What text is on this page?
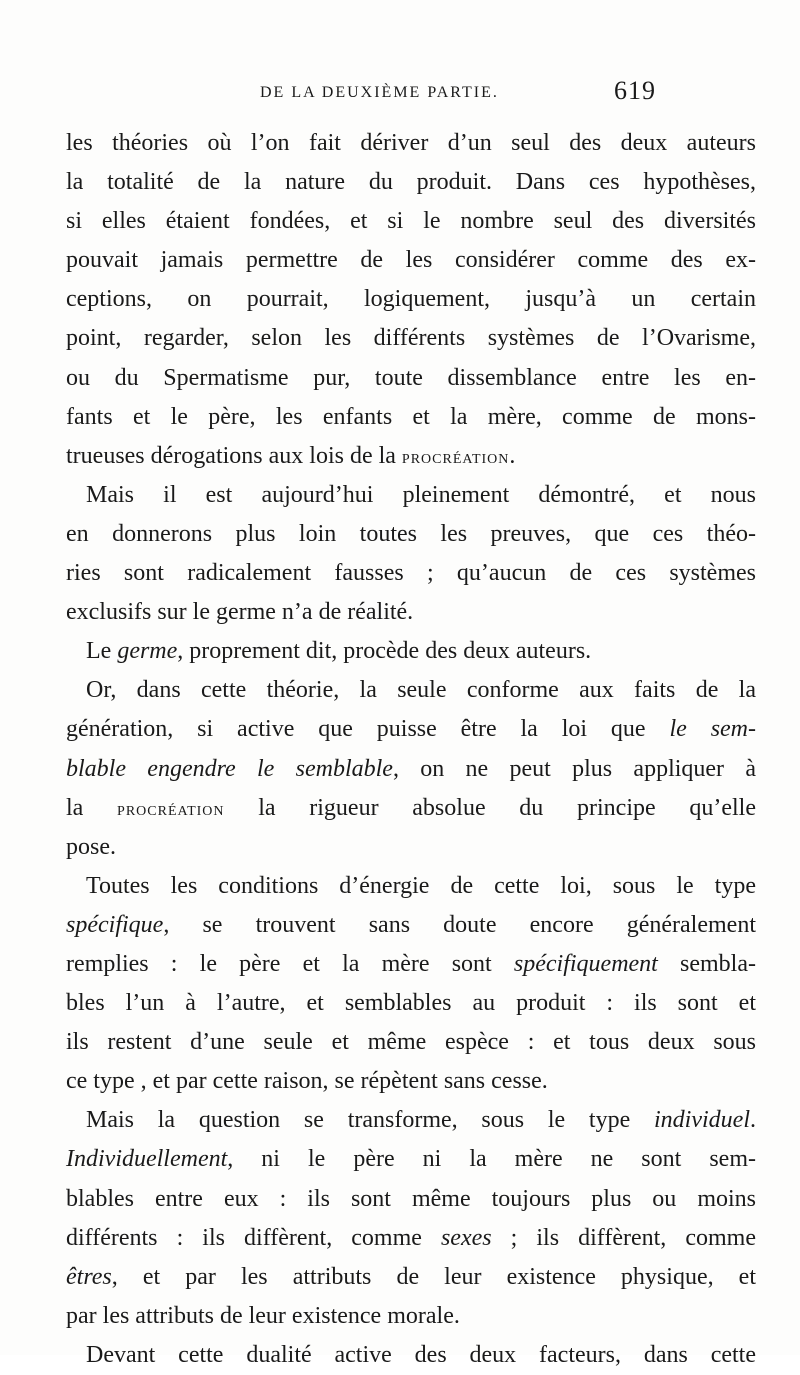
DE LA DEUXIÈME PARTIE.	619
les théories où l’on fait dériver d’un seul des deux auteurs
la totalité de la nature du produit. Dans ces hypothèses,
si elles étaient fondées, et si le nombre seul des diversités
pouvait jamais permettre de les considérer comme des ex-
ceptions, on pourrait, logiquement, jusqu’à un certain
point, regarder, selon les différents systèmes de l’Ovarisme,
ou du Spermatisme pur, toute dissemblance entre les en-
fants et le père, les enfants et la mère, comme de mons-
trueuses dérogations aux lois de la procréation.
Mais il est aujourd’hui pleinement démontré, et nous
en donnerons plus loin toutes les preuves, que ces théo-
ries sont radicalement fausses ; qu’aucun de ces systèmes
exclusifs sur le germe n’a de réalité.
Le germe, proprement dit, procède des deux auteurs.
Or, dans cette théorie, la seule conforme aux faits de la
génération, si active que puisse être la loi que le sem-
blable engendre le semblable, on ne peut plus appliquer à
la procréation la rigueur absolue du principe qu’elle
pose.
Toutes les conditions d’énergie de cette loi, sous le type
spécifique, se trouvent sans doute encore généralement
remplies : le père et la mère sont spécifiquement sembla-
bles l’un à l’autre, et semblables au produit : ils sont et
ils restent d’une seule et même espèce : et tous deux sous
ce type , et par cette raison, se répètent sans cesse.
Mais la question se transforme, sous le type individuel.
Individuellement, ni le père ni la mère ne sont sem-
blables entre eux : ils sont même toujours plus ou moins
différents : ils diffèrent, comme sexes ; ils diffèrent, comme
êtres, et par les attributs de leur existence physique, et
par les attributs de leur existence morale.
Devant cette dualité active des deux facteurs, dans cette
